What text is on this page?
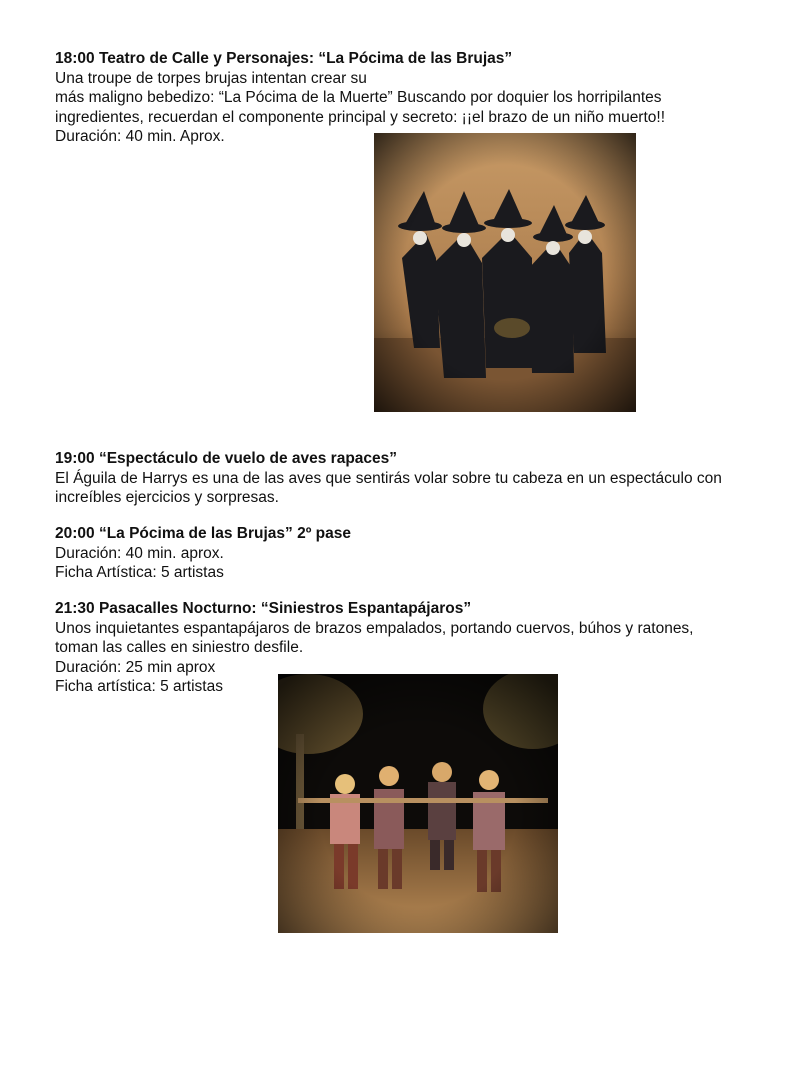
18:00 Teatro de Calle y Personajes: “La Pócima de las Brujas”

Una troupe de torpes brujas intentan crear su

más maligno bebedizo: “La Pócima de la Muerte” Buscando por doquier los horripilantes

ingredientes, recuerdan el componente principal y secreto: ¡¡el brazo de un niño muerto!!

Duración: 40 min. Aprox.

19:00 “Espectáculo de vuelo de aves rapaces”

El Águila de Harrys es una de las aves que sentirás volar sobre tu cabeza en un espectáculo con

increíbles ejercicios y sorpresas.

20:00 “La Pócima de las Brujas” 2º pase

Duración: 40 min. aprox.

Ficha Artística: 5 artistas

21:30 Pasacalles Nocturno: “Siniestros Espantapájaros”

Unos inquietantes espantapájaros de brazos empalados, portando cuervos, búhos y ratones,

toman las calles en siniestro desfile.

Duración: 25 min aprox

Ficha artística: 5 artistas
